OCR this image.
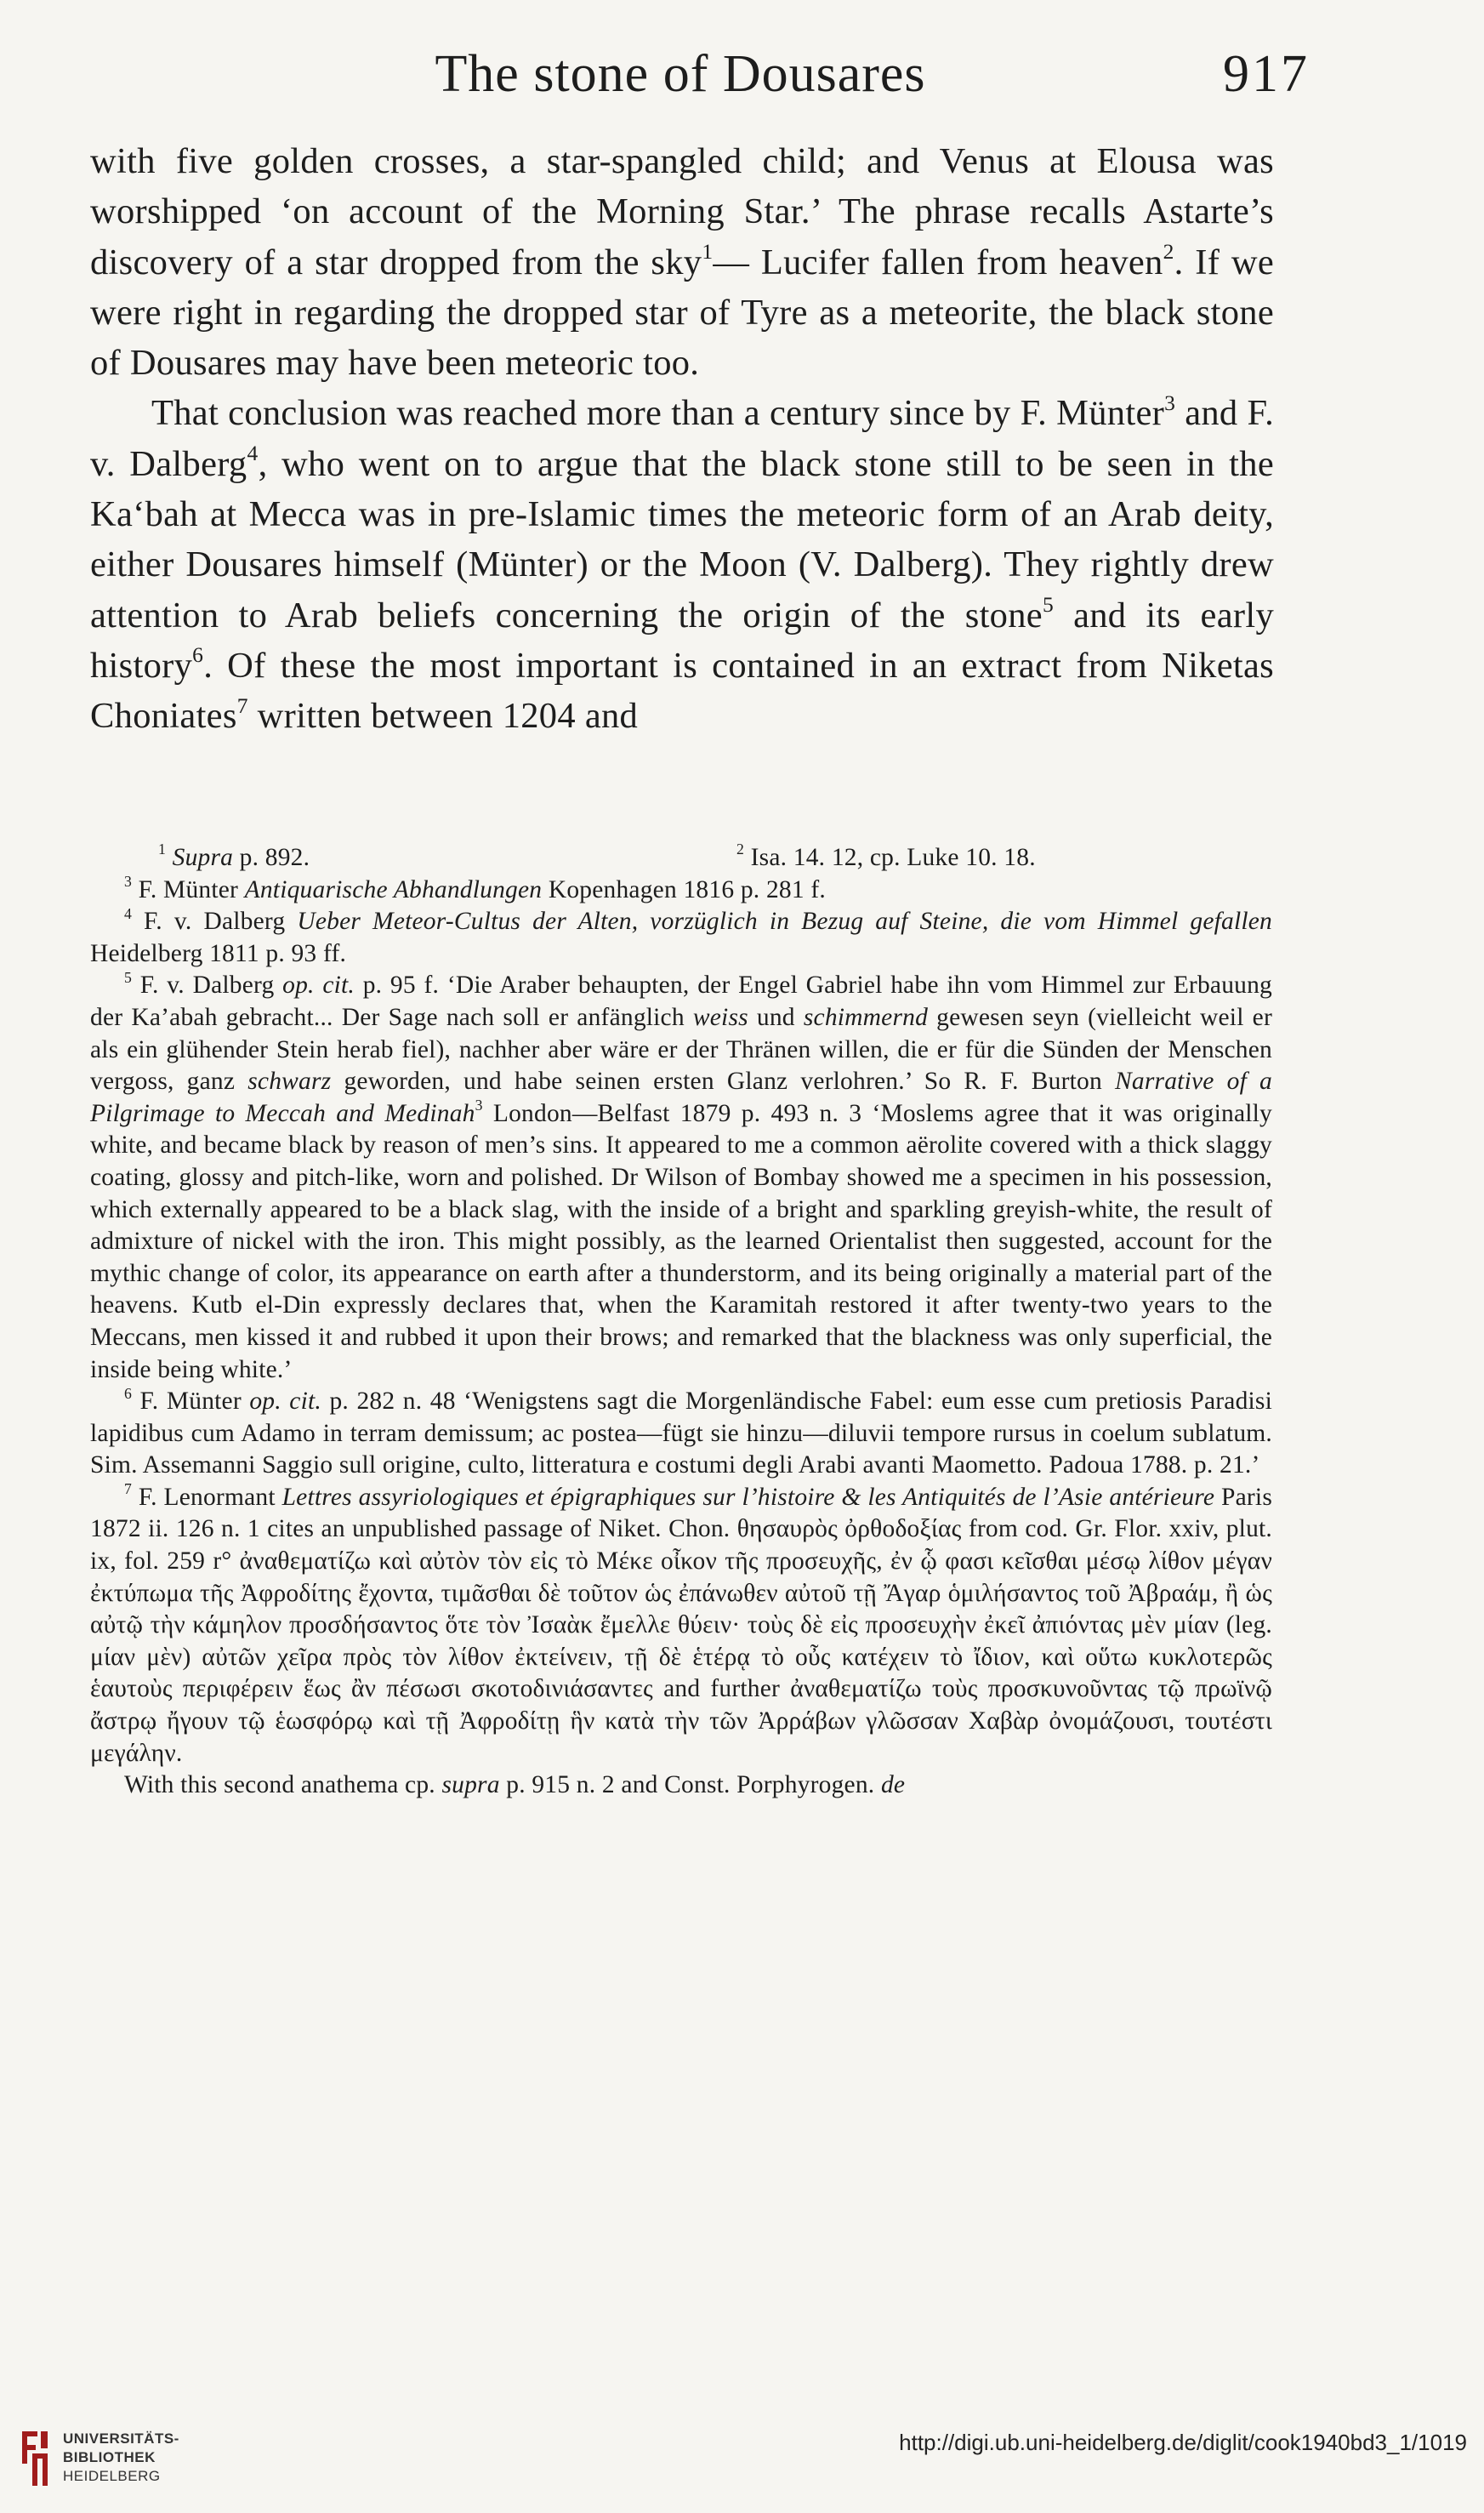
The stone of Dousares	917

with five golden crosses, a star-spangled child; and Venus at Elousa was worshipped ‘on account of the Morning Star.’ The phrase recalls Astarte’s discovery of a star dropped from the sky$^1$— Lucifer fallen from heaven$^2$. If we were right in regarding the dropped star of Tyre as a meteorite, the black stone of Dousares may have been meteoric too.

That conclusion was reached more than a century since by F. Münter$^3$ and F. v. Dalberg$^4$, who went on to argue that the black stone still to be seen in the Ka‘bah at Mecca was in pre-Islamic times the meteoric form of an Arab deity, either Dousares himself (Münter) or the Moon (V. Dalberg). They rightly drew attention to Arab beliefs concerning the origin of the stone$^5$ and its early history$^6$. Of these the most important is contained in an extract from Niketas Choniates$^7$ written between 1204 and

$^1$ Supra p. 892.	$^2$ Isa. 14. 12, cp. Luke 10. 18.

$^3$ F. Münter Antiquarische Abhandlungen Kopenhagen 1816 p. 281 f.

$^4$ F. v. Dalberg Ueber Meteor-Cultus der Alten, vorzüglich in Bezug auf Steine, die vom Himmel gefallen Heidelberg 1811 p. 93 ff.

$^5$ F. v. Dalberg op. cit. p. 95 f. ‘Die Araber behaupten, der Engel Gabriel habe ihn vom Himmel zur Erbauung der Ka’abah gebracht... Der Sage nach soll er anfänglich weiss und schimmernd gewesen seyn (vielleicht weil er als ein glühender Stein herab fiel), nachher aber wäre er der Thränen willen, die er für die Sünden der Menschen vergoss, ganz schwarz geworden, und habe seinen ersten Glanz verlohren.’ So R. F. Burton Narrative of a Pilgrimage to Meccah and Medinah$^3$ London—Belfast 1879 p. 493 n. 3 ‘Moslems agree that it was originally white, and became black by reason of men’s sins. It appeared to me a common aërolite covered with a thick slaggy coating, glossy and pitch-like, worn and polished. Dr Wilson of Bombay showed me a specimen in his possession, which externally appeared to be a black slag, with the inside of a bright and sparkling greyish-white, the result of admixture of nickel with the iron. This might possibly, as the learned Orientalist then suggested, account for the mythic change of color, its appearance on earth after a thunderstorm, and its being originally a material part of the heavens. Kutb el-Din expressly declares that, when the Karamitah restored it after twenty-two years to the Meccans, men kissed it and rubbed it upon their brows; and remarked that the blackness was only superficial, the inside being white.’

$^6$ F. Münter op. cit. p. 282 n. 48 ‘Wenigstens sagt die Morgenländische Fabel: eum esse cum pretiosis Paradisi lapidibus cum Adamo in terram demissum; ac postea—fügt sie hinzu—diluvii tempore rursus in coelum sublatum. Sim. Assemanni Saggio sull origine, culto, litteratura e costumi degli Arabi avanti Maometto. Padoua 1788. p. 21.’

$^7$ F. Lenormant Lettres assyriologiques et épigraphiques sur l’histoire & les Antiquités de l’Asie antérieure Paris 1872 ii. 126 n. 1 cites an unpublished passage of Niket. Chon. θησαυρὸς ὀρθοδοξίας from cod. Gr. Flor. xxiv, plut. ix, fol. 259 r° ἀναθεματίζω καὶ αὐτὸν τὸν εἰς τὸ Μέκε οἶκον τῆς προσευχῆς, ἐν ᾧ φασι κεῖσθαι μέσῳ λίθον μέγαν ἐκτύπωμα τῆς Ἀφροδίτης ἔχοντα, τιμᾶσθαι δὲ τοῦτον ὡς ἐπάνωθεν αὐτοῦ τῇ Ἄγαρ ὁμιλήσαντος τοῦ Ἀβραάμ, ἢ ὡς αὐτῷ τὴν κάμηλον προσδήσαντος ὅτε τὸν Ἰσαὰκ ἔμελλε θύειν· τοὺς δὲ εἰς προσευχὴν ἐκεῖ ἀπιόντας μὲν μίαν (leg. μίαν μὲν) αὐτῶν χεῖρα πρὸς τὸν λίθον ἐκτείνειν, τῇ δὲ ἑτέρᾳ τὸ οὖς κατέχειν τὸ ἴδιον, καὶ οὕτω κυκλοτερῶς ἑαυτοὺς περιφέρειν ἕως ἂν πέσωσι σκοτοδινιάσαντες and further ἀναθεματίζω τοὺς προσκυνοῦντας τῷ πρωϊνῷ ἄστρῳ ἤγουν τῷ ἑωσφόρῳ καὶ τῇ Ἀφροδίτῃ ἣν κατὰ τὴν τῶν Ἀρράβων γλῶσσαν Χαβὰρ ὀνομάζουσι, τουτέστι μεγάλην.

With this second anathema cp. supra p. 915 n. 2 and Const. Porphyrogen. de

UNIVERSITÄTS-
BIBLIOTHEK
HEIDELBERG
http://digi.ub.uni-heidelberg.de/diglit/cook1940bd3_1/1019
